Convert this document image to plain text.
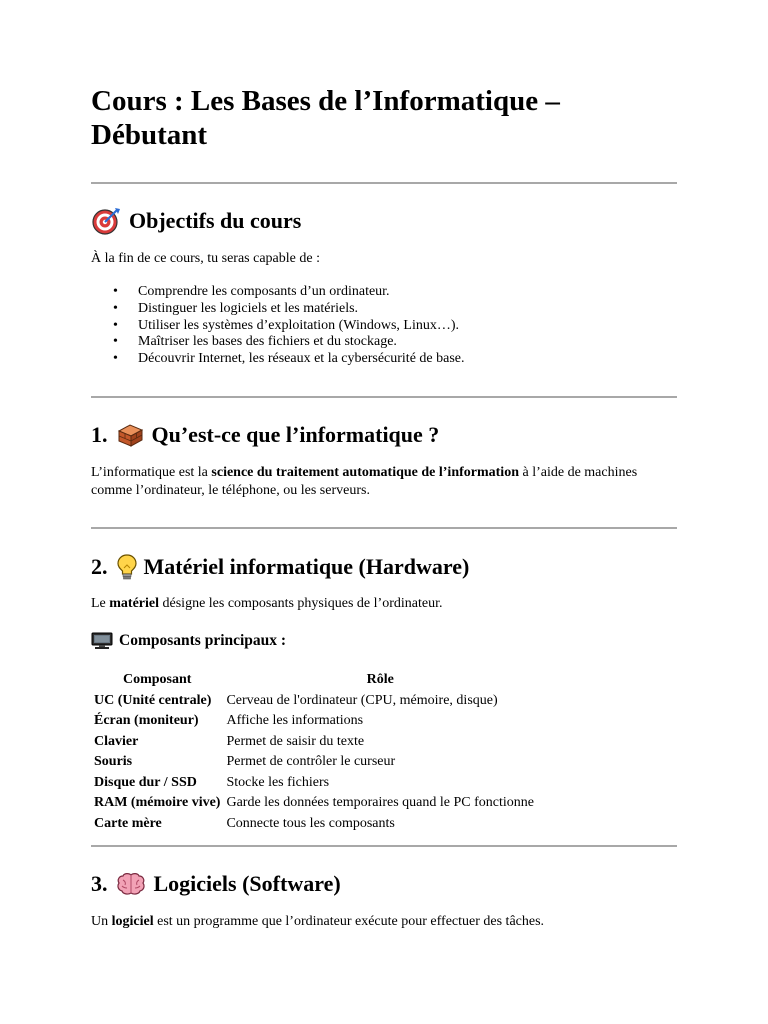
Cours : Les Bases de l’Informatique – Débutant
Objectifs du cours

À la fin de ce cours, tu seras capable de :

• Comprendre les composants d’un ordinateur.
• Distinguer les logiciels et les matériels.
• Utiliser les systèmes d’exploitation (Windows, Linux…).
• Maîtriser les bases des fichiers et du stockage.
• Découvrir Internet, les réseaux et la cybersécurité de base.
1. Qu’est-ce que l’informatique ?

L’informatique est la science du traitement automatique de l’information à l’aide de machines comme l’ordinateur, le téléphone, ou les serveurs.

2. Matériel informatique (Hardware)

Le matériel désigne les composants physiques de l’ordinateur.

Composants principaux :
Composant	Rôle
UC (Unité centrale)	Cerveau de l'ordinateur (CPU, mémoire, disque)
Écran (moniteur)	Affiche les informations
Clavier	Permet de saisir du texte
Souris	Permet de contrôler le curseur
Disque dur / SSD	Stocke les fichiers
RAM (mémoire vive)	Garde les données temporaires quand le PC fonctionne
Carte mère	Connecte tous les composants
3. Logiciels (Software)

Un logiciel est un programme que l’ordinateur exécute pour effectuer des tâches.
